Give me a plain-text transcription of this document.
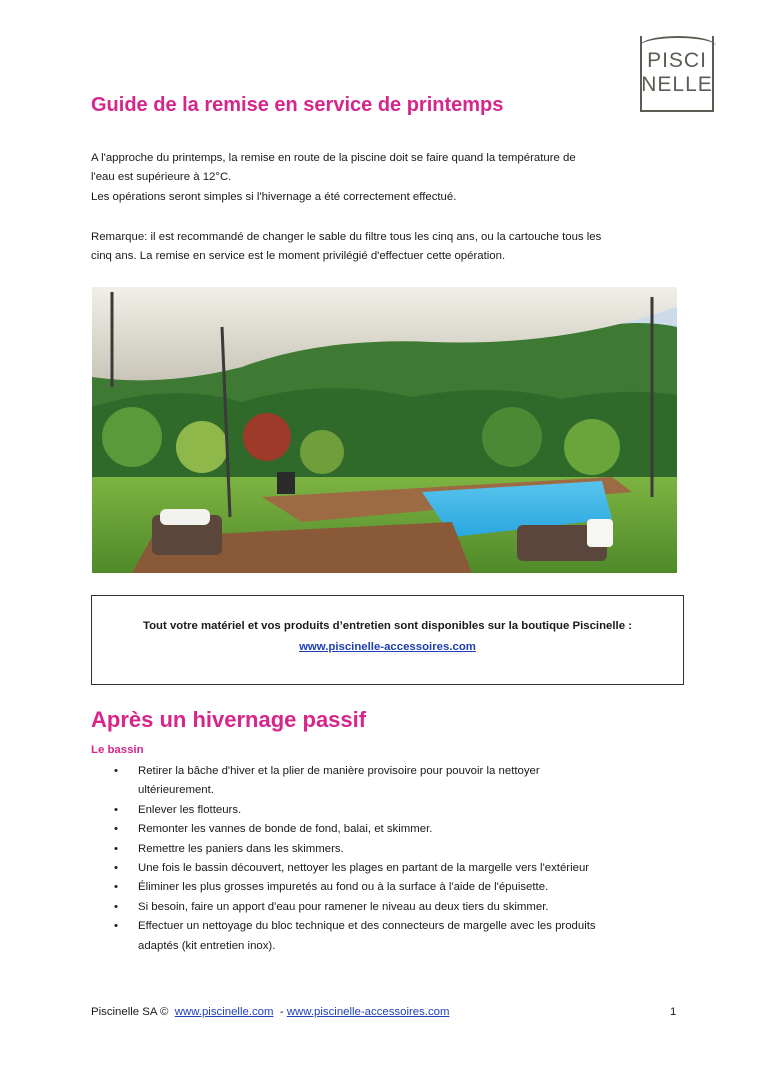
PISCI
NELLE
Guide de la remise en service de printemps
A l'approche du printemps, la remise en route de la piscine doit se faire quand la température de
l'eau est supérieure à 12°C.
Les opérations seront simples si l'hivernage a été correctement effectué.
Remarque: il est recommandé de changer le sable du filtre tous les cinq ans, ou la cartouche tous les
cinq ans. La remise en service est le moment privilégié d'effectuer cette opération.
Tout votre matériel et vos produits d’entretien sont disponibles sur la boutique Piscinelle :
www.piscinelle-accessoires.com
Après un hivernage passif
Le bassin
• Retirer la bâche d'hiver et la plier de manière provisoire pour pouvoir la nettoyer
ultérieurement.
• Enlever les flotteurs.
• Remonter les vannes de bonde de fond, balai, et skimmer.
• Remettre les paniers dans les skimmers.
• Une fois le bassin découvert, nettoyer les plages en partant de la margelle vers l'extérieur
• Éliminer les plus grosses impuretés au fond ou à la surface à l'aide de l'épuisette.
• Si besoin, faire un apport d'eau pour ramener le niveau au deux tiers du skimmer.
• Effectuer un nettoyage du bloc technique et des connecteurs de margelle avec les produits
adaptés (kit entretien inox).
Piscinelle SA © www.piscinelle.com - www.piscinelle-accessoires.com	1
